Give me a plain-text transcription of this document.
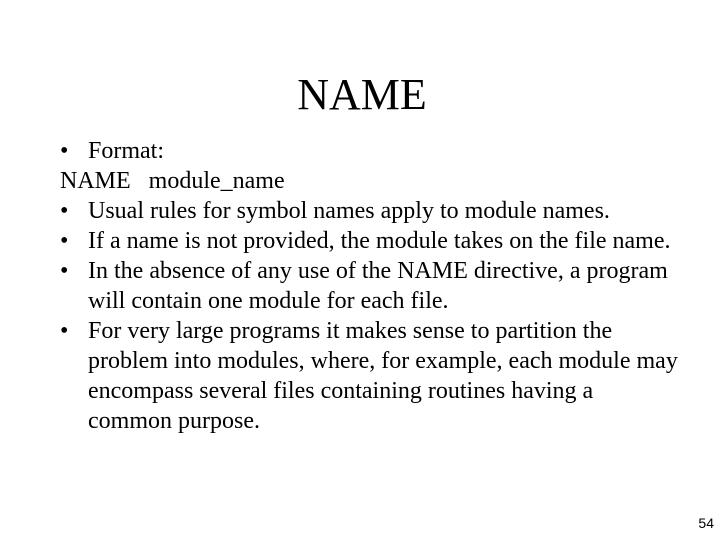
NAME
• Format:
NAME   module_name
• Usual rules for symbol names apply to module names.
• If a name is not provided, the module takes on the file name.
• In the absence of any use of the NAME directive, a program will contain one module for each file.
• For very large programs it makes sense to partition the problem into modules, where, for example, each module may encompass several files containing routines having a common purpose.
54
